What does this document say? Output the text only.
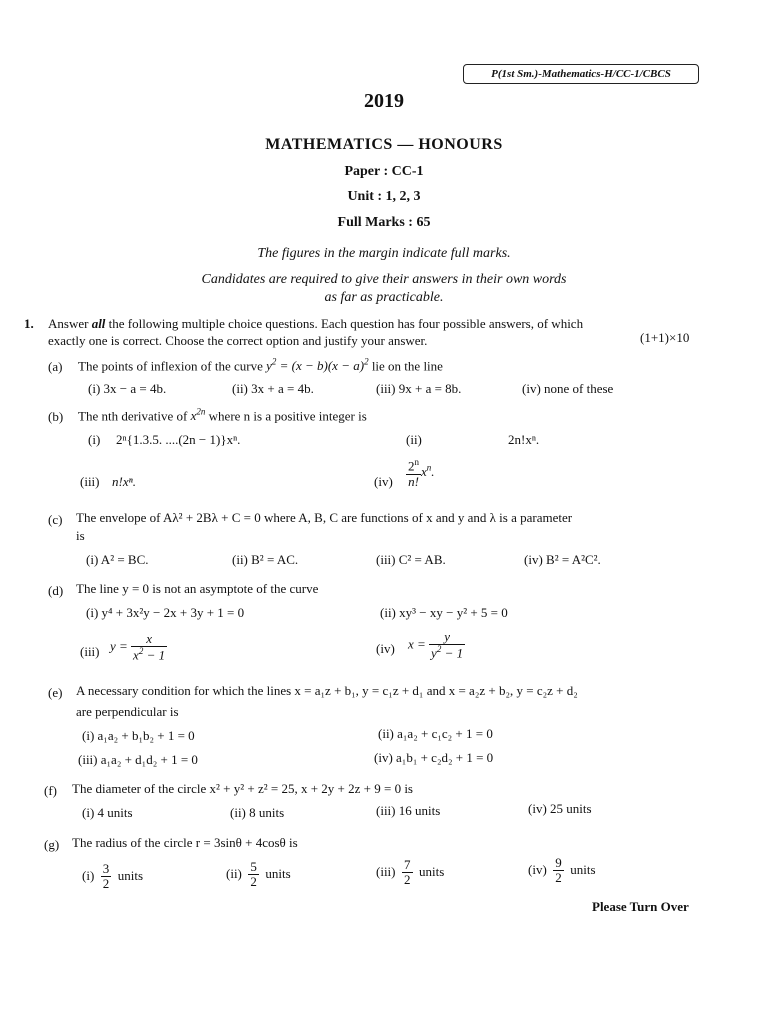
P(1st Sm.)-Mathematics-H/CC-1/CBCS
2019
MATHEMATICS — HONOURS
Paper : CC-1
Unit : 1, 2, 3
Full Marks : 65
The figures in the margin indicate full marks.
Candidates are required to give their answers in their own words
as far as practicable.
1. Answer all the following multiple choice questions. Each question has four possible answers, of which
exactly one is correct. Choose the correct option and justify your answer.	(1+1)×10
(a) The points of inflexion of the curve $y^2 = (x - b)(x - a)^2$ lie on the line
(i) 3x − a = 4b.	(ii) 3x + a = 4b.	(iii) 9x + a = 8b.	(iv) none of these
(b) The nth derivative of $x^{2n}$ where n is a positive integer is
(i) 2ⁿ{1.3.5. ....(2n − 1)}xⁿ.	(ii)	2n!xⁿ.
(iii) n!xⁿ.	$(iv) \frac{2^n}{n!} x^n$.
(c) The envelope of Aλ² + 2Bλ + C = 0 where A, B, C are functions of x and y and λ is a parameter
is
(i) A² = BC.	(ii) B² = AC.	(iii) C² = AB.	(iv) B² = A²C².
(d) The line y = 0 is not an asymptote of the curve
(i) y⁴ + 3x²y − 2x + 3y + 1 = 0	(ii) xy³ − xy − y² + 5 = 0
(iii) $y = \frac{x}{x^2 - 1}$	(iv) $x = \frac{y}{y^2 - 1}$
(e) A necessary condition for which the lines x = a₁z + b₁, y = c₁z + d₁ and x = a₂z + b₂, y = c₂z + d₂
are perpendicular is
(i) a₁a₂ + b₁b₂ + 1 = 0	(ii) a₁a₂ + c₁c₂ + 1 = 0
(iii) a₁a₂ + d₁d₂ + 1 = 0	(iv) a₁b₁ + c₂d₂ + 1 = 0
(f) The diameter of the circle x² + y² + z² = 25, x + 2y + 2z + 9 = 0 is
(i) 4 units	(ii) 8 units	(iii) 16 units	(iv) 25 units
(g) The radius of the circle r = 3sinθ + 4cosθ is
$(i) \frac{3}{2}$ units	$(ii) \frac{5}{2}$ units	$(iii) \frac{7}{2}$ units	$(iv) \frac{9}{2}$ units
Please Turn Over
